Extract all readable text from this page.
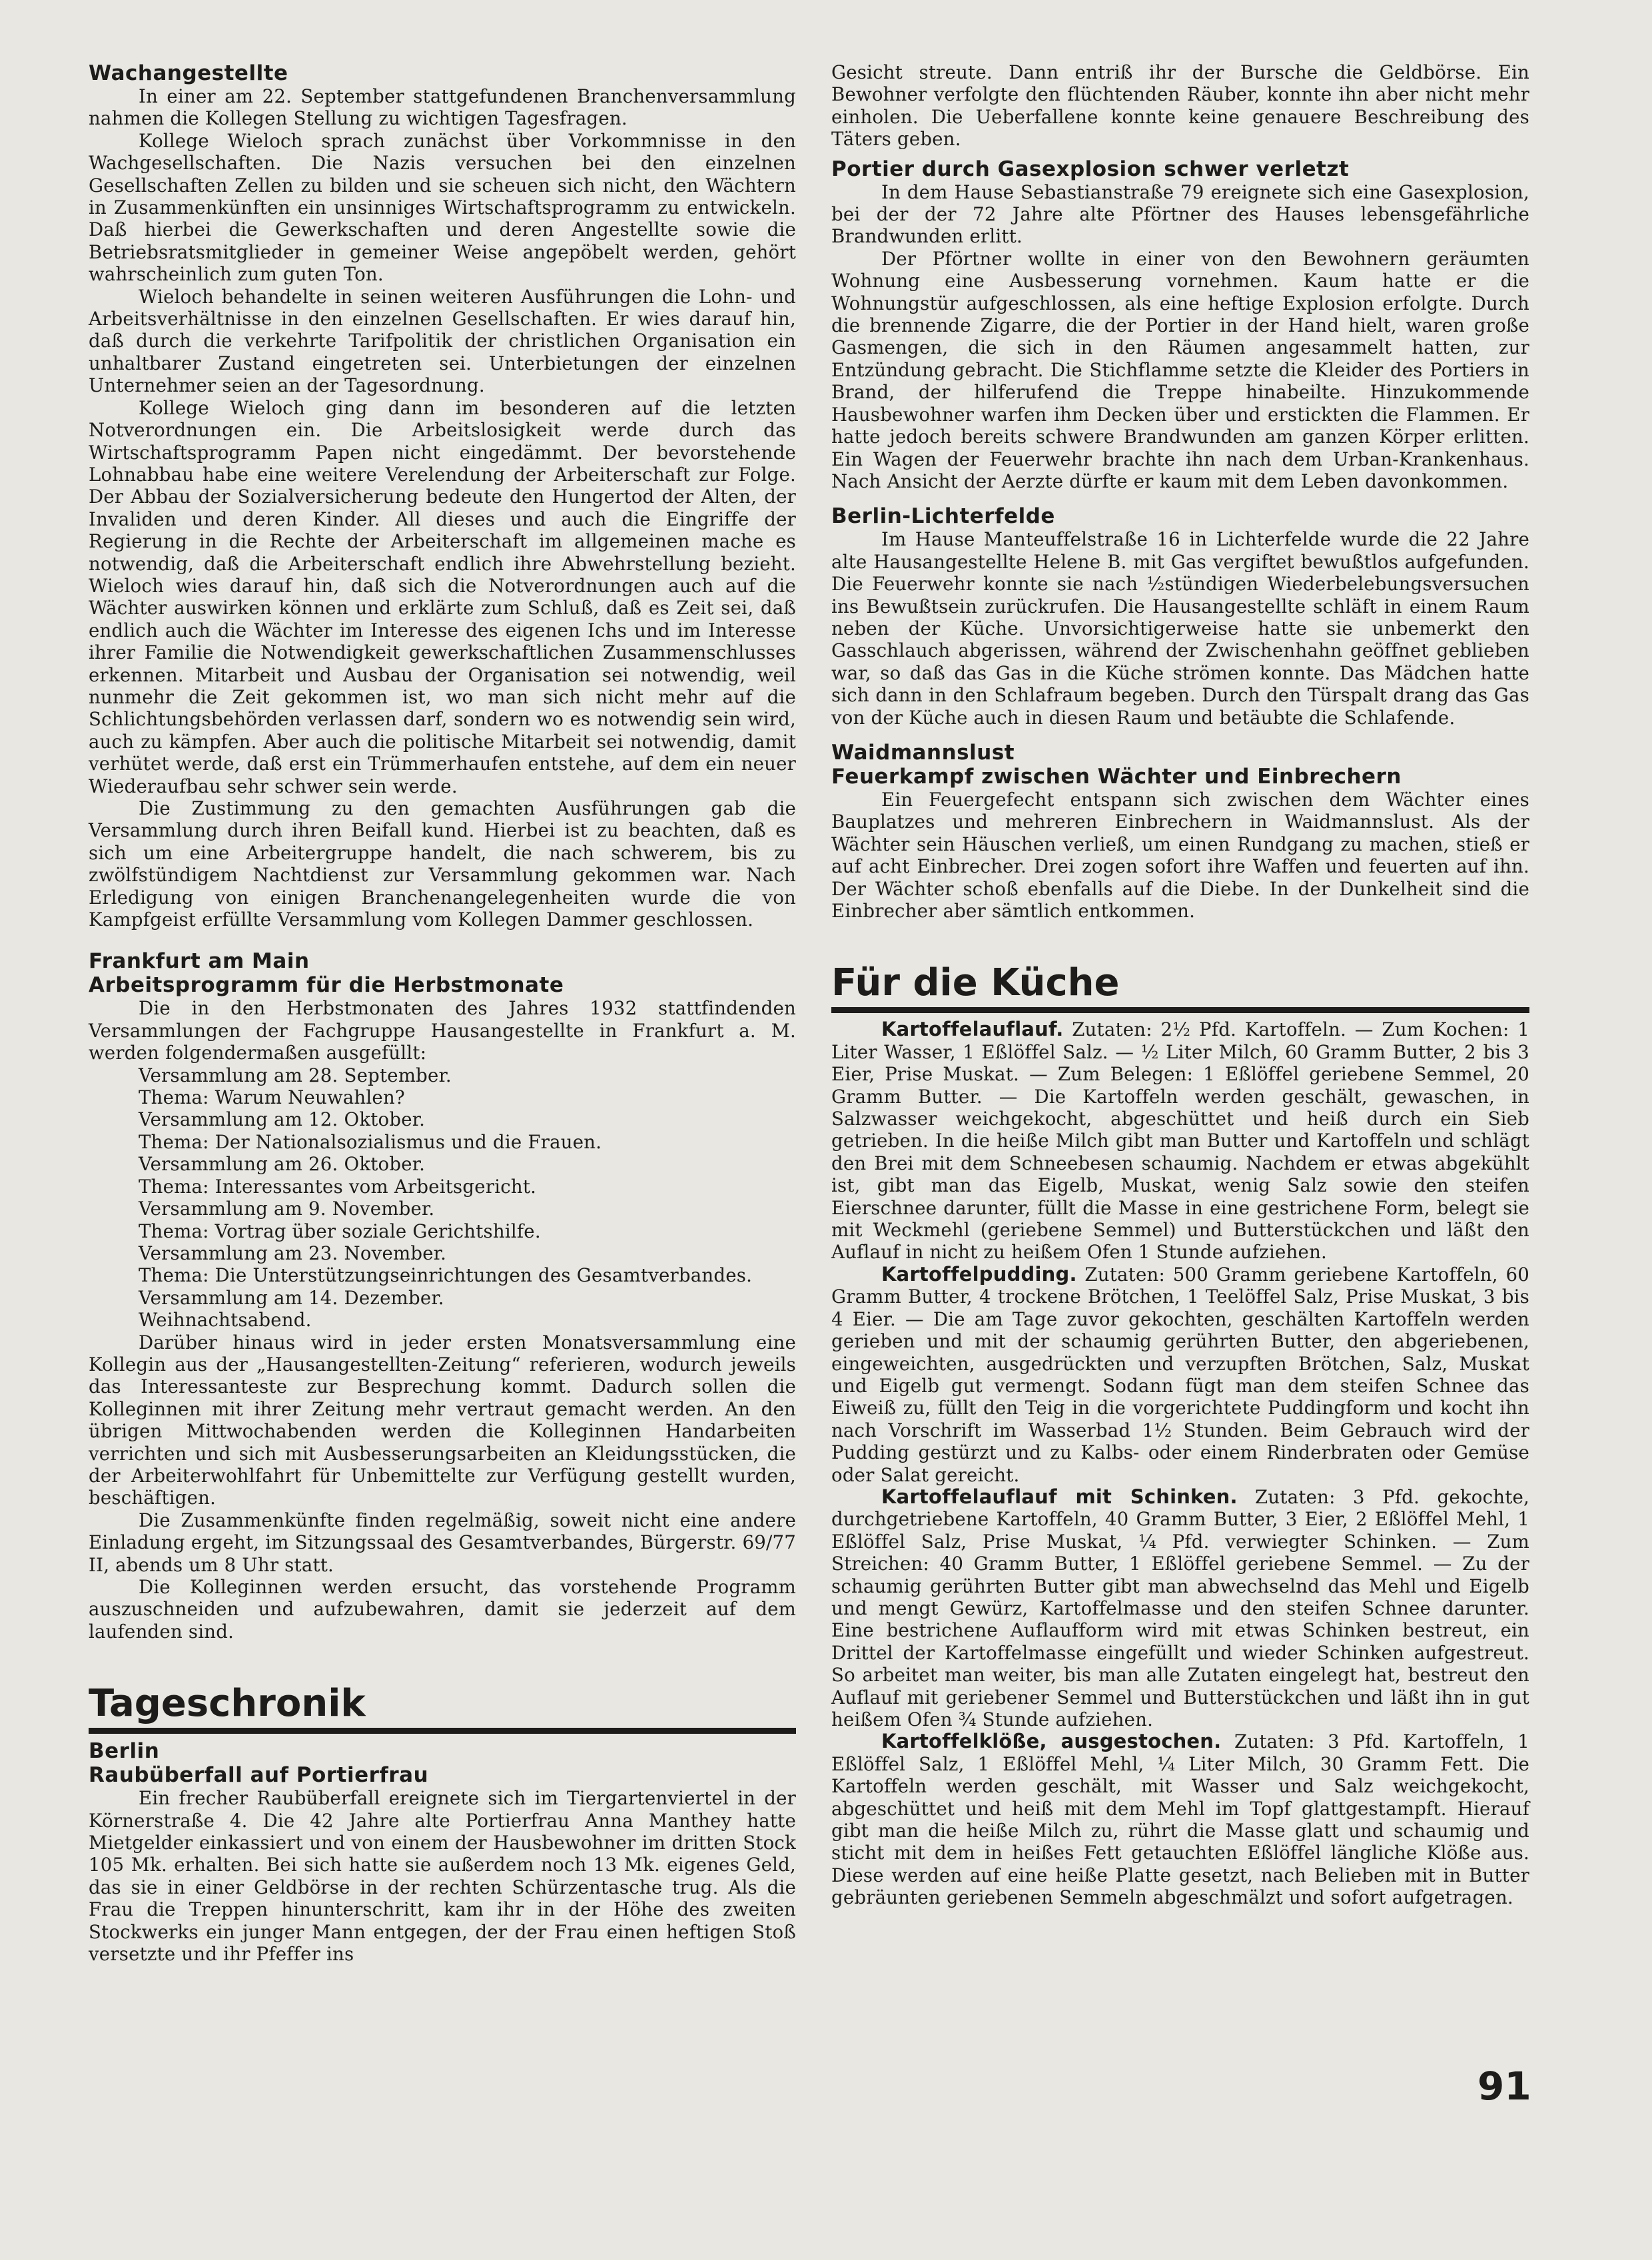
Wachangestellte

In einer am 22. September stattgefundenen Branchenversammlung nahmen die Kollegen Stellung zu wichtigen Tagesfragen.

Kollege Wieloch sprach zunächst über Vorkommnisse in den Wachgesellschaften. Die Nazis versuchen bei den einzelnen Gesellschaften Zellen zu bilden und sie scheuen sich nicht, den Wächtern in Zusammenkünften ein unsinniges Wirtschaftsprogramm zu entwickeln. Daß hierbei die Gewerkschaften und deren Angestellte sowie die Betriebsratsmitglieder in gemeiner Weise angepöbelt werden, gehört wahrscheinlich zum guten Ton.

Wieloch behandelte in seinen weiteren Ausführungen die Lohn- und Arbeitsverhältnisse in den einzelnen Gesellschaften. Er wies darauf hin, daß durch die verkehrte Tarifpolitik der christlichen Organisation ein unhaltbarer Zustand eingetreten sei. Unterbietungen der einzelnen Unternehmer seien an der Tagesordnung.

Kollege Wieloch ging dann im besonderen auf die letzten Notverordnungen ein. Die Arbeitslosigkeit werde durch das Wirtschaftsprogramm Papen nicht eingedämmt. Der bevorstehende Lohnabbau habe eine weitere Verelendung der Arbeiterschaft zur Folge. Der Abbau der Sozialversicherung bedeute den Hungertod der Alten, der Invaliden und deren Kinder. All dieses und auch die Eingriffe der Regierung in die Rechte der Arbeiterschaft im allgemeinen mache es notwendig, daß die Arbeiterschaft endlich ihre Abwehrstellung bezieht. Wieloch wies darauf hin, daß sich die Notverordnungen auch auf die Wächter auswirken können und erklärte zum Schluß, daß es Zeit sei, daß endlich auch die Wächter im Interesse des eigenen Ichs und im Interesse ihrer Familie die Notwendigkeit gewerkschaftlichen Zusammenschlusses erkennen. Mitarbeit und Ausbau der Organisation sei notwendig, weil nunmehr die Zeit gekommen ist, wo man sich nicht mehr auf die Schlichtungsbehörden verlassen darf, sondern wo es notwendig sein wird, auch zu kämpfen. Aber auch die politische Mitarbeit sei notwendig, damit verhütet werde, daß erst ein Trümmerhaufen entstehe, auf dem ein neuer Wiederaufbau sehr schwer sein werde.

Die Zustimmung zu den gemachten Ausführungen gab die Versammlung durch ihren Beifall kund. Hierbei ist zu beachten, daß es sich um eine Arbeitergruppe handelt, die nach schwerem, bis zu zwölfstündigem Nachtdienst zur Versammlung gekommen war. Nach Erledigung von einigen Branchenangelegenheiten wurde die von Kampfgeist erfüllte Versammlung vom Kollegen Dammer geschlossen.

Frankfurt am Main
Arbeitsprogramm für die Herbstmonate

Die in den Herbstmonaten des Jahres 1932 stattfindenden Versammlungen der Fachgruppe Hausangestellte in Frankfurt a. M. werden folgendermaßen ausgefüllt:

Versammlung am 28. September.

Thema: Warum Neuwahlen?

Versammlung am 12. Oktober.

Thema: Der Nationalsozialismus und die Frauen.

Versammlung am 26. Oktober.

Thema: Interessantes vom Arbeitsgericht.

Versammlung am 9. November.

Thema: Vortrag über soziale Gerichtshilfe.

Versammlung am 23. November.

Thema: Die Unterstützungseinrichtungen des Gesamtverbandes.

Versammlung am 14. Dezember.

Weihnachtsabend.

Darüber hinaus wird in jeder ersten Monatsversammlung eine Kollegin aus der „Hausangestellten-Zeitung“ referieren, wodurch jeweils das Interessanteste zur Besprechung kommt. Dadurch sollen die Kolleginnen mit ihrer Zeitung mehr vertraut gemacht werden. An den übrigen Mittwochabenden werden die Kolleginnen Handarbeiten verrichten und sich mit Ausbesserungsarbeiten an Kleidungsstücken, die der Arbeiterwohlfahrt für Unbemittelte zur Verfügung gestellt wurden, beschäftigen.

Die Zusammenkünfte finden regelmäßig, soweit nicht eine andere Einladung ergeht, im Sitzungssaal des Gesamtverbandes, Bürgerstr. 69/77 II, abends um 8 Uhr statt.

Die Kolleginnen werden ersucht, das vorstehende Programm auszuschneiden und aufzubewahren, damit sie jederzeit auf dem laufenden sind.

Tageschronik
Berlin
Raubüberfall auf Portierfrau

Ein frecher Raubüberfall ereignete sich im Tiergartenviertel in der Körnerstraße 4. Die 42 Jahre alte Portierfrau Anna Manthey hatte Mietgelder einkassiert und von einem der Hausbewohner im dritten Stock 105 Mk. erhalten. Bei sich hatte sie außerdem noch 13 Mk. eigenes Geld, das sie in einer Geldbörse in der rechten Schürzentasche trug. Als die Frau die Treppen hinunterschritt, kam ihr in der Höhe des zweiten Stockwerks ein junger Mann entgegen, der der Frau einen heftigen Stoß versetzte und ihr Pfeffer ins

Gesicht streute. Dann entriß ihr der Bursche die Geldbörse. Ein Bewohner verfolgte den flüchtenden Räuber, konnte ihn aber nicht mehr einholen. Die Ueberfallene konnte keine genauere Beschreibung des Täters geben.

Portier durch Gasexplosion schwer verletzt

In dem Hause Sebastianstraße 79 ereignete sich eine Gasexplosion, bei der der 72 Jahre alte Pförtner des Hauses lebensgefährliche Brandwunden erlitt.

Der Pförtner wollte in einer von den Bewohnern geräumten Wohnung eine Ausbesserung vornehmen. Kaum hatte er die Wohnungstür aufgeschlossen, als eine heftige Explosion erfolgte. Durch die brennende Zigarre, die der Portier in der Hand hielt, waren große Gasmengen, die sich in den Räumen angesammelt hatten, zur Entzündung gebracht. Die Stichflamme setzte die Kleider des Portiers in Brand, der hilferufend die Treppe hinabeilte. Hinzukommende Hausbewohner warfen ihm Decken über und erstickten die Flammen. Er hatte jedoch bereits schwere Brandwunden am ganzen Körper erlitten. Ein Wagen der Feuerwehr brachte ihn nach dem Urban-Krankenhaus. Nach Ansicht der Aerzte dürfte er kaum mit dem Leben davonkommen.

Berlin-Lichterfelde

Im Hause Manteuffelstraße 16 in Lichterfelde wurde die 22 Jahre alte Hausangestellte Helene B. mit Gas vergiftet bewußtlos aufgefunden. Die Feuerwehr konnte sie nach ½stündigen Wiederbelebungsversuchen ins Bewußtsein zurückrufen. Die Hausangestellte schläft in einem Raum neben der Küche. Unvorsichtigerweise hatte sie unbemerkt den Gasschlauch abgerissen, während der Zwischenhahn geöffnet geblieben war, so daß das Gas in die Küche strömen konnte. Das Mädchen hatte sich dann in den Schlafraum begeben. Durch den Türspalt drang das Gas von der Küche auch in diesen Raum und betäubte die Schlafende.

Waidmannslust
Feuerkampf zwischen Wächter und Einbrechern

Ein Feuergefecht entspann sich zwischen dem Wächter eines Bauplatzes und mehreren Einbrechern in Waidmannslust. Als der Wächter sein Häuschen verließ, um einen Rundgang zu machen, stieß er auf acht Einbrecher. Drei zogen sofort ihre Waffen und feuerten auf ihn. Der Wächter schoß ebenfalls auf die Diebe. In der Dunkelheit sind die Einbrecher aber sämtlich entkommen.

Für die Küche

Kartoffelauflauf. Zutaten: 2½ Pfd. Kartoffeln. — Zum Kochen: 1 Liter Wasser, 1 Eßlöffel Salz. — ½ Liter Milch, 60 Gramm Butter, 2 bis 3 Eier, Prise Muskat. — Zum Belegen: 1 Eßlöffel geriebene Semmel, 20 Gramm Butter. — Die Kartoffeln werden geschält, gewaschen, in Salzwasser weichgekocht, abgeschüttet und heiß durch ein Sieb getrieben. In die heiße Milch gibt man Butter und Kartoffeln und schlägt den Brei mit dem Schneebesen schaumig. Nachdem er etwas abgekühlt ist, gibt man das Eigelb, Muskat, wenig Salz sowie den steifen Eierschnee darunter, füllt die Masse in eine gestrichene Form, belegt sie mit Weckmehl (geriebene Semmel) und Butterstückchen und läßt den Auflauf in nicht zu heißem Ofen 1 Stunde aufziehen.

Kartoffelpudding. Zutaten: 500 Gramm geriebene Kartoffeln, 60 Gramm Butter, 4 trockene Brötchen, 1 Teelöffel Salz, Prise Muskat, 3 bis 4 Eier. — Die am Tage zuvor gekochten, geschälten Kartoffeln werden gerieben und mit der schaumig gerührten Butter, den abgeriebenen, eingeweichten, ausgedrückten und verzupften Brötchen, Salz, Muskat und Eigelb gut vermengt. Sodann fügt man dem steifen Schnee das Eiweiß zu, füllt den Teig in die vorgerichtete Puddingform und kocht ihn nach Vorschrift im Wasserbad 1½ Stunden. Beim Gebrauch wird der Pudding gestürzt und zu Kalbs- oder einem Rinderbraten oder Gemüse oder Salat gereicht.

Kartoffelauflauf mit Schinken. Zutaten: 3 Pfd. gekochte, durchgetriebene Kartoffeln, 40 Gramm Butter, 3 Eier, 2 Eßlöffel Mehl, 1 Eßlöffel Salz, Prise Muskat, ¼ Pfd. verwiegter Schinken. — Zum Streichen: 40 Gramm Butter, 1 Eßlöffel geriebene Semmel. — Zu der schaumig gerührten Butter gibt man abwechselnd das Mehl und Eigelb und mengt Gewürz, Kartoffelmasse und den steifen Schnee darunter. Eine bestrichene Auflaufform wird mit etwas Schinken bestreut, ein Drittel der Kartoffelmasse eingefüllt und wieder Schinken aufgestreut. So arbeitet man weiter, bis man alle Zutaten eingelegt hat, bestreut den Auflauf mit geriebener Semmel und Butterstückchen und läßt ihn in gut heißem Ofen ¾ Stunde aufziehen.

Kartoffelklöße, ausgestochen. Zutaten: 3 Pfd. Kartoffeln, 1 Eßlöffel Salz, 1 Eßlöffel Mehl, ¼ Liter Milch, 30 Gramm Fett. Die Kartoffeln werden geschält, mit Wasser und Salz weichgekocht, abgeschüttet und heiß mit dem Mehl im Topf glattgestampft. Hierauf gibt man die heiße Milch zu, rührt die Masse glatt und schaumig und sticht mit dem in heißes Fett getauchten Eßlöffel längliche Klöße aus. Diese werden auf eine heiße Platte gesetzt, nach Belieben mit in Butter gebräunten geriebenen Semmeln abgeschmälzt und sofort aufgetragen.

91
